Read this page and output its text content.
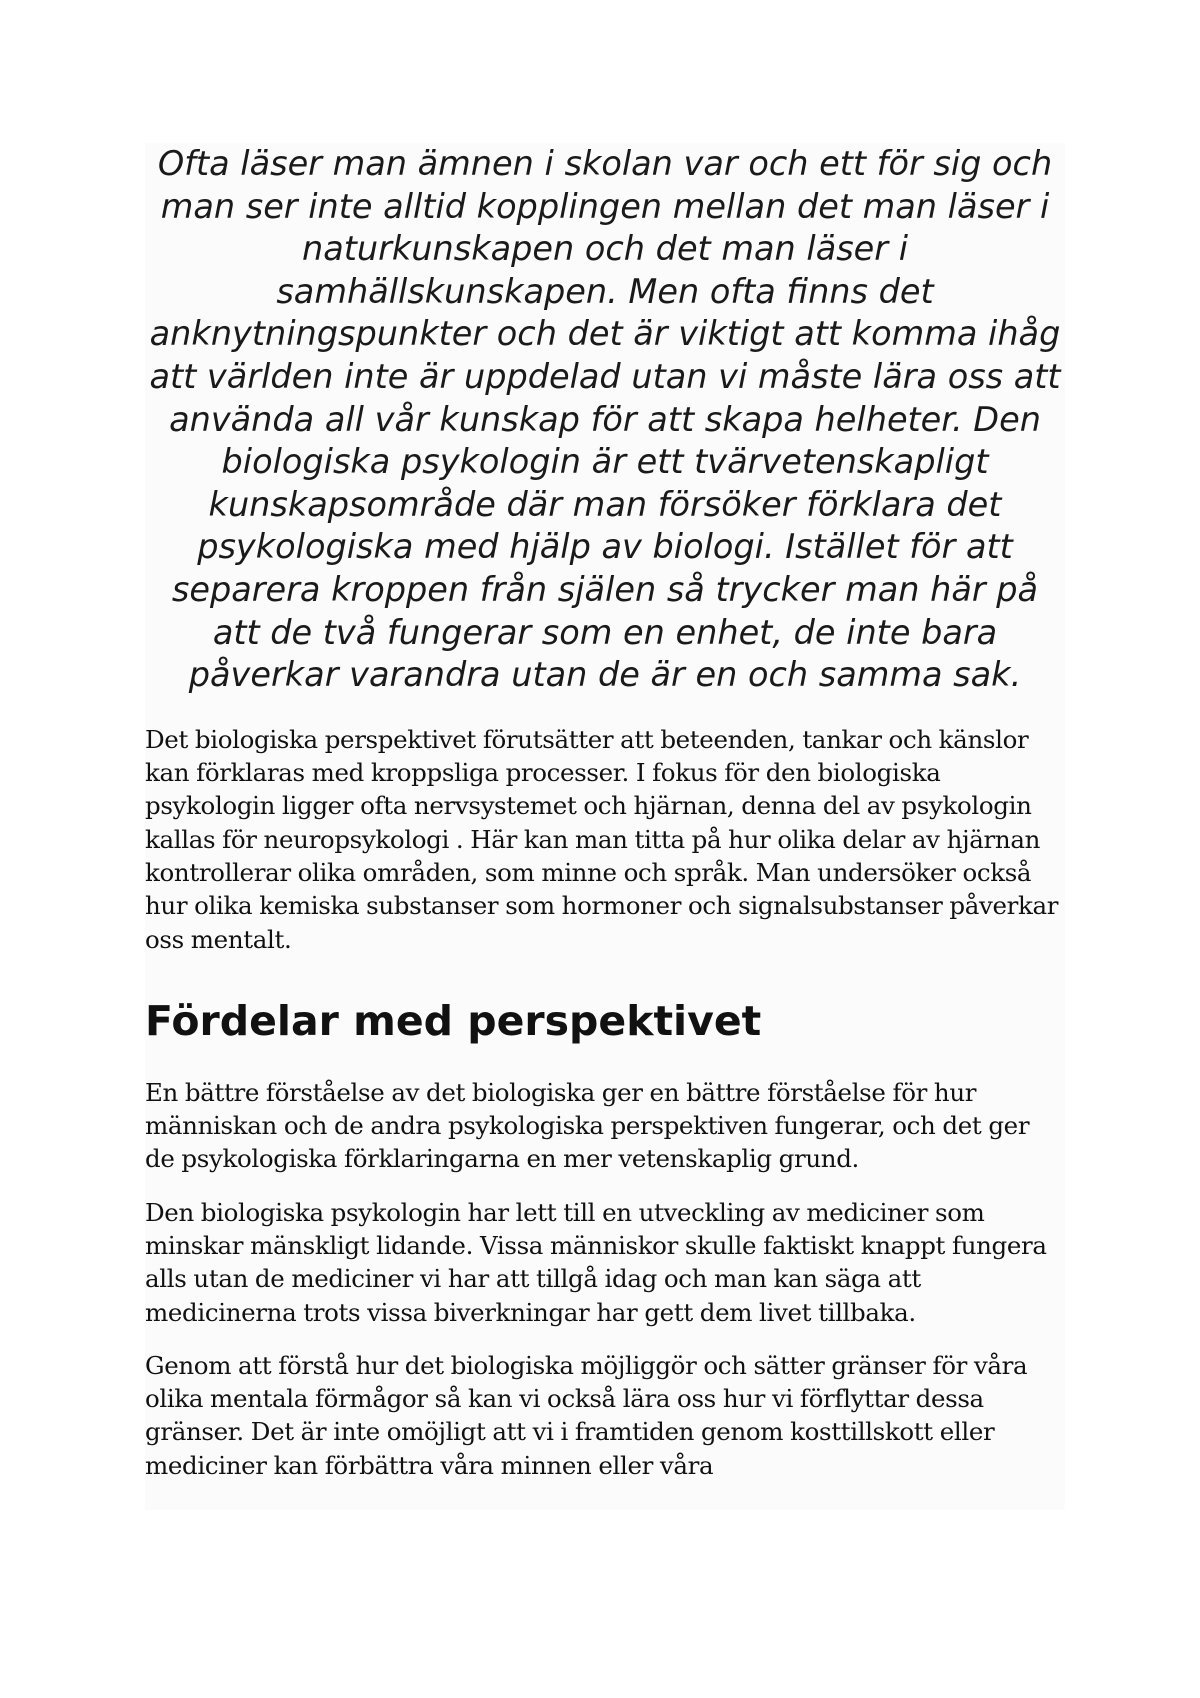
Ofta läser man ämnen i skolan var och ett för sig och man ser inte alltid kopplingen mellan det man läser i naturkunskapen och det man läser i samhällskunskapen. Men ofta finns det anknytningspunkter och det är viktigt att komma ihåg att världen inte är uppdelad utan vi måste lära oss att använda all vår kunskap för att skapa helheter. Den biologiska psykologin är ett tvärvetenskapligt kunskapsområde där man försöker förklara det psykologiska med hjälp av biologi. Istället för att separera kroppen från själen så trycker man här på att de två fungerar som en enhet, de inte bara påverkar varandra utan de är en och samma sak.

Det biologiska perspektivet förutsätter att beteenden, tankar och känslor kan förklaras med kroppsliga processer. I fokus för den biologiska psykologin ligger ofta nervsystemet och hjärnan, denna del av psykologin kallas för neuropsykologi . Här kan man titta på hur olika delar av hjärnan kontrollerar olika områden, som minne och språk. Man undersöker också hur olika kemiska substanser som hormoner och signalsubstanser påverkar oss mentalt.

Fördelar med perspektivet

En bättre förståelse av det biologiska ger en bättre förståelse för hur människan och de andra psykologiska perspektiven fungerar, och det ger de psykologiska förklaringarna en mer vetenskaplig grund.

Den biologiska psykologin har lett till en utveckling av mediciner som minskar mänskligt lidande. Vissa människor skulle faktiskt knappt fungera alls utan de mediciner vi har att tillgå idag och man kan säga att medicinerna trots vissa biverkningar har gett dem livet tillbaka.

Genom att förstå hur det biologiska möjliggör och sätter gränser för våra olika mentala förmågor så kan vi också lära oss hur vi förflyttar dessa gränser. Det är inte omöjligt att vi i framtiden genom kosttillskott eller mediciner kan förbättra våra minnen eller våra
